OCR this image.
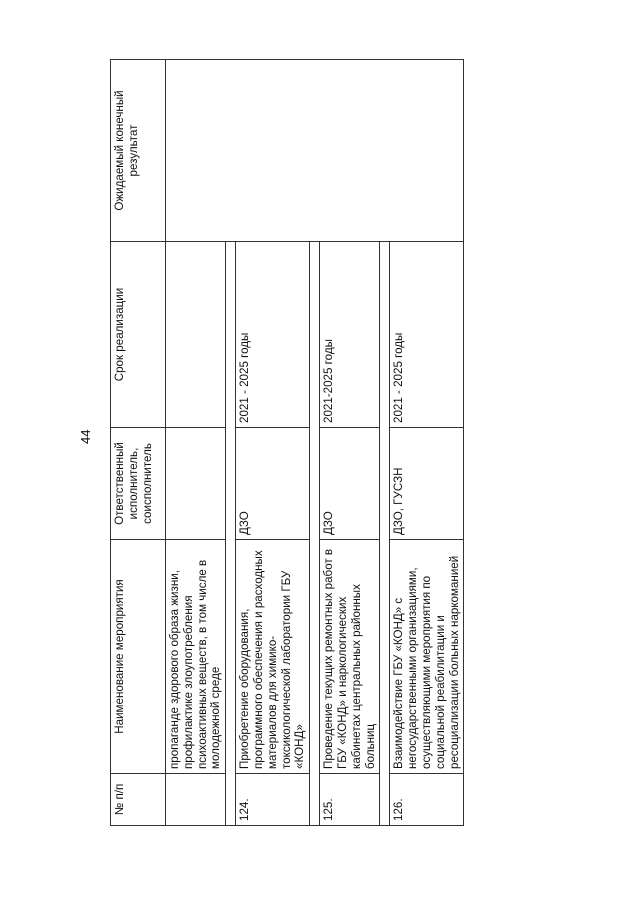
44
№ п/п	Наименование мероприятия	Ответственный исполнитель, соисполнитель	Срок реализации	Ожидаемый конечный результат
	пропаганде здорового образа жизни, профилактике злоупотребления психоактивных веществ, в том числе в молодежной среде			

124.	Приобретение оборудования, программного обеспечения и расходных материалов для химико-токсикологической лаборатории ГБУ «КОНД»	ДЗО	2021 - 2025 годы	

125.	Проведение текущих ремонтных работ в ГБУ «КОНД» и наркологических кабинетах центральных районных больниц	ДЗО	2021-2025 годы	

126.	Взаимодействие ГБУ «КОНД» с негосударственными организациями, осуществляющими мероприятия по социальной реабилитации и ресоциализации больных наркоманией	ДЗО, ГУСЗН	2021 - 2025 годы	
